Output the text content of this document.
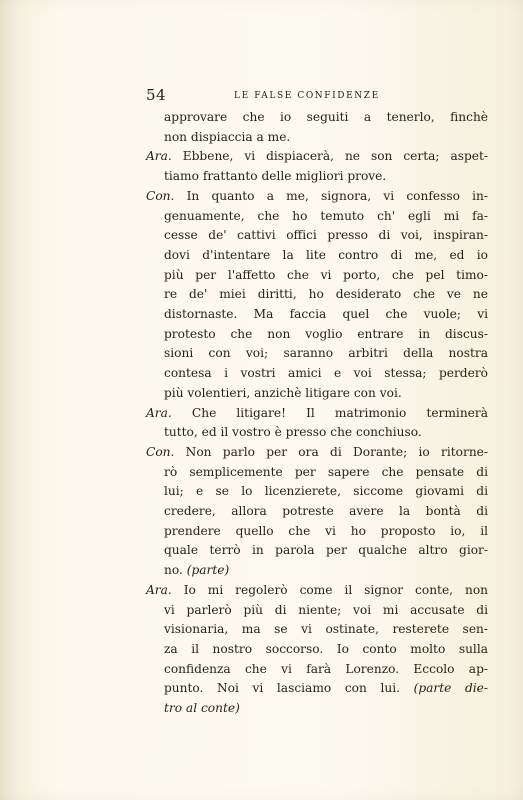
54	LE FALSE CONFIDENZE
approvare che io seguiti a tenerlo, finchè
non dispiaccia a me.
Ara. Ebbene, vi dispiacerà, ne son certa; aspet-
tiamo frattanto delle migliori prove.
Con. In quanto a me, signora, vi confesso in-
genuamente, che ho temuto ch' egli mi fa-
cesse de' cattivi offici presso di voi, inspiran-
dovi d'intentare la lite contro di me, ed io
più per l'affetto che vi porto, che pel timo-
re de' miei diritti, ho desiderato che ve ne
distornaste. Ma faccia quel che vuole; vi
protesto che non voglio entrare in discus-
sioni con voi; saranno arbitri della nostra
contesa i vostri amici e voi stessa; perderò
più volentieri, anzichè litigare con voi.
Ara. Che litigare! Il matrimonio terminerà
tutto, ed il vostro è presso che conchiuso.
Con. Non parlo per ora di Dorante; io ritorne-
rò semplicemente per sapere che pensate di
lui; e se lo licenzierete, siccome giovami di
credere, allora potreste avere la bontà di
prendere quello che vi ho proposto io, il
quale terrò in parola per qualche altro gior-
no. (parte)
Ara. Io mi regolerò come il signor conte, non
vi parlerò più di niente; voi mi accusate di
visionaria, ma se vi ostinate, resterete sen-
za il nostro soccorso. Io conto molto sulla
confidenza che vi farà Lorenzo. Eccolo ap-
punto. Noi vi lasciamo con lui. (parte die-
tro al conte)
